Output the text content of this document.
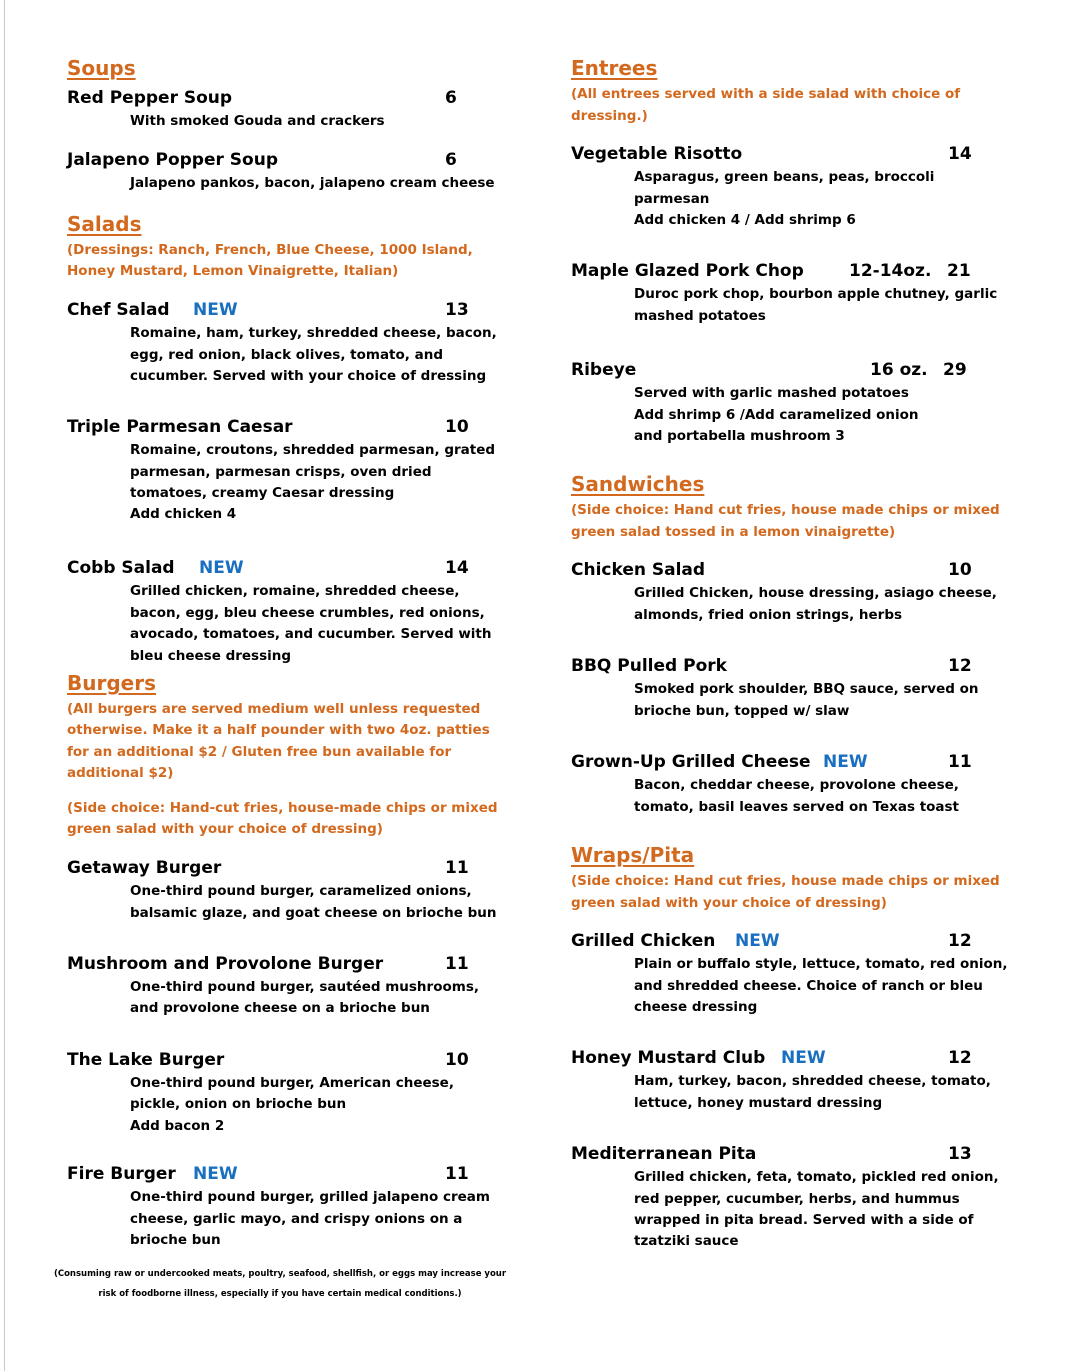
Soups
Red Pepper Soup	6
With smoked Gouda and crackers
Jalapeno Popper Soup	6
Jalapeno pankos, bacon, jalapeno cream cheese
Salads
(Dressings: Ranch, French, Blue Cheese, 1000 Island,
Honey Mustard, Lemon Vinaigrette, Italian)
Chef Salad NEW	13
Romaine, ham, turkey, shredded cheese, bacon,
egg, red onion, black olives, tomato, and
cucumber. Served with your choice of dressing
Triple Parmesan Caesar	10
Romaine, croutons, shredded parmesan, grated
parmesan, parmesan crisps, oven dried
tomatoes, creamy Caesar dressing
Add chicken 4
Cobb Salad NEW	14
Grilled chicken, romaine, shredded cheese,
bacon, egg, bleu cheese crumbles, red onions,
avocado, tomatoes, and cucumber. Served with
bleu cheese dressing
Burgers
(All burgers are served medium well unless requested
otherwise. Make it a half pounder with two 4oz. patties
for an additional $2 / Gluten free bun available for
additional $2)
(Side choice: Hand-cut fries, house-made chips or mixed
green salad with your choice of dressing)
Getaway Burger	11
One-third pound burger, caramelized onions,
balsamic glaze, and goat cheese on brioche bun
Mushroom and Provolone Burger	11
One-third pound burger, sautéed mushrooms,
and provolone cheese on a brioche bun
The Lake Burger	10
One-third pound burger, American cheese,
pickle, onion on brioche bun
Add bacon 2
Fire Burger NEW	11
One-third pound burger, grilled jalapeno cream
cheese, garlic mayo, and crispy onions on a
brioche bun
(Consuming raw or undercooked meats, poultry, seafood, shellfish, or eggs may increase your
risk of foodborne illness, especially if you have certain medical conditions.)
Entrees
(All entrees served with a side salad with choice of
dressing.)
Vegetable Risotto	14
Asparagus, green beans, peas, broccoli
parmesan
Add chicken 4 / Add shrimp 6
Maple Glazed Pork Chop	12-14oz. 21
Duroc pork chop, bourbon apple chutney, garlic
mashed potatoes
Ribeye	16 oz. 29
Served with garlic mashed potatoes
Add shrimp 6 /Add caramelized onion
and portabella mushroom 3
Sandwiches
(Side choice: Hand cut fries, house made chips or mixed
green salad tossed in a lemon vinaigrette)
Chicken Salad	10
Grilled Chicken, house dressing, asiago cheese,
almonds, fried onion strings, herbs
BBQ Pulled Pork	12
Smoked pork shoulder, BBQ sauce, served on
brioche bun, topped w/ slaw
Grown-Up Grilled Cheese NEW	11
Bacon, cheddar cheese, provolone cheese,
tomato, basil leaves served on Texas toast
Wraps/Pita
(Side choice: Hand cut fries, house made chips or mixed
green salad with your choice of dressing)
Grilled Chicken NEW	12
Plain or buffalo style, lettuce, tomato, red onion,
and shredded cheese. Choice of ranch or bleu
cheese dressing
Honey Mustard Club NEW	12
Ham, turkey, bacon, shredded cheese, tomato,
lettuce, honey mustard dressing
Mediterranean Pita	13
Grilled chicken, feta, tomato, pickled red onion,
red pepper, cucumber, herbs, and hummus
wrapped in pita bread. Served with a side of
tzatziki sauce
